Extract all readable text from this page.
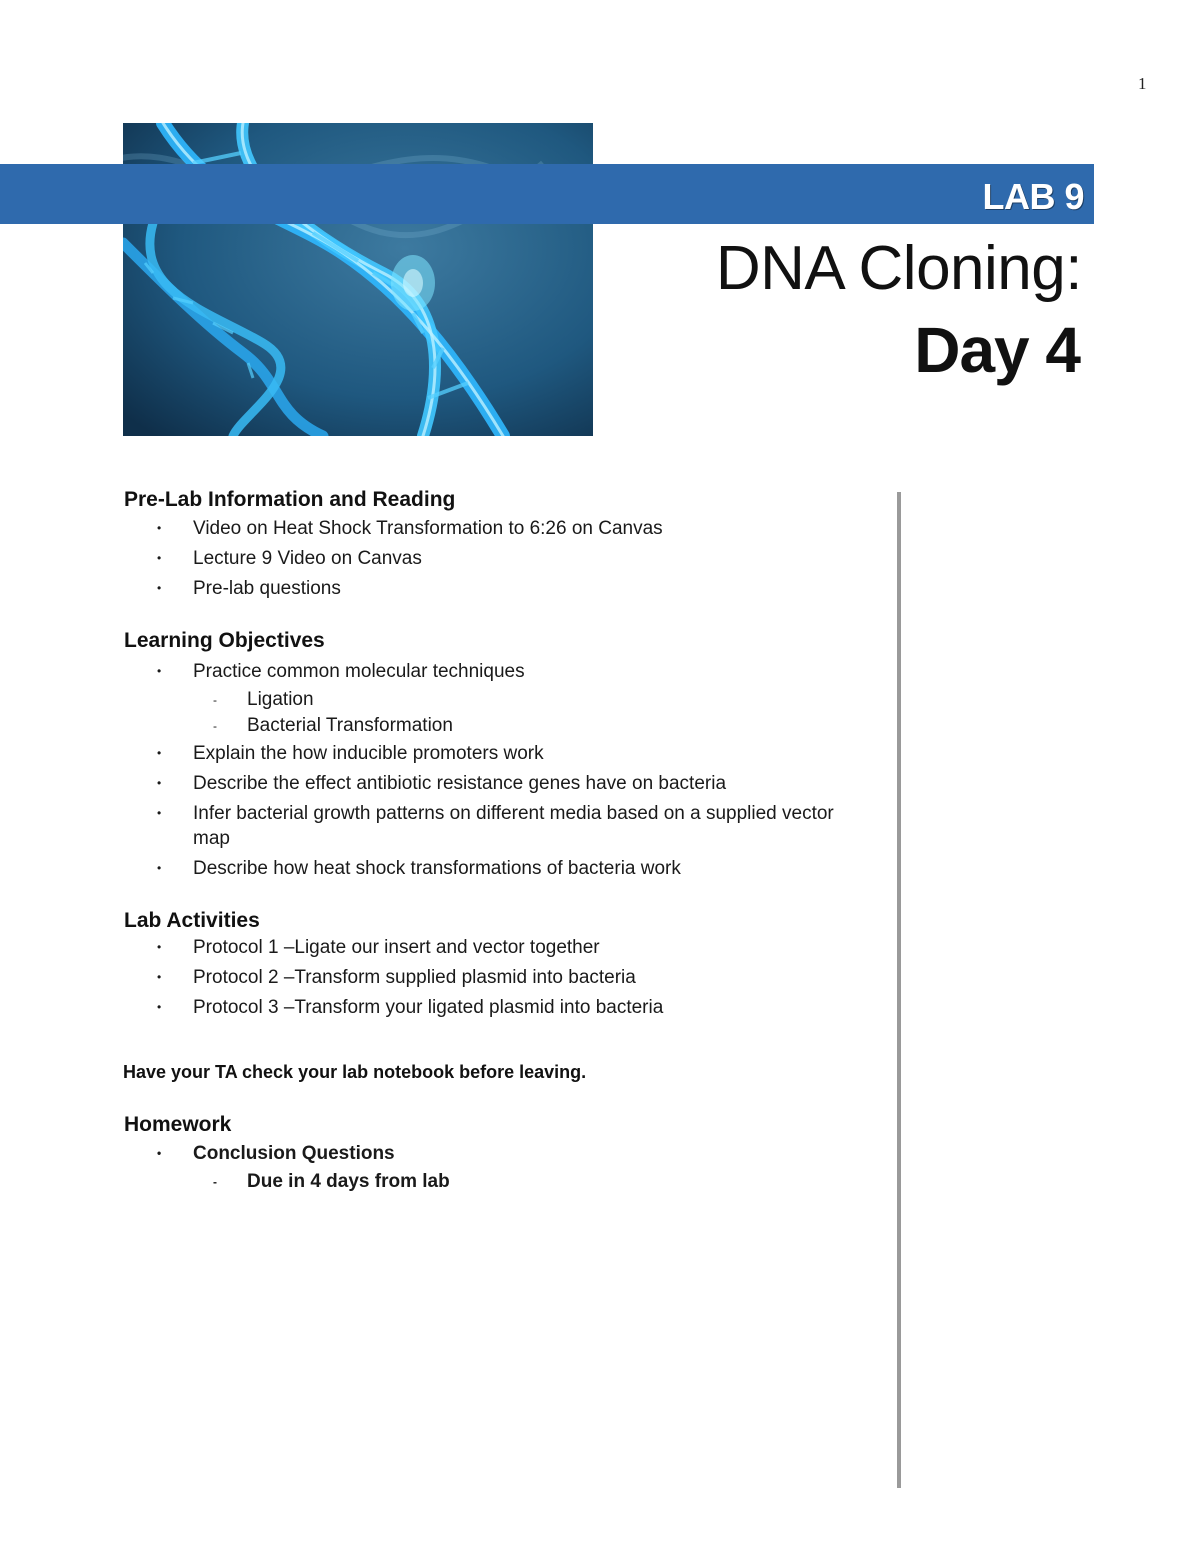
1
LAB 9
DNA Cloning:
Day 4
Pre-Lab Information and Reading
• Video on Heat Shock Transformation to 6:26 on Canvas
• Lecture 9 Video on Canvas
• Pre-lab questions
Learning Objectives
• Practice common molecular techniques
- Ligation
- Bacterial Transformation
• Explain the how inducible promoters work
• Describe the effect antibiotic resistance genes have on bacteria
• Infer bacterial growth patterns on different media based on a supplied vector map
• Describe how heat shock transformations of bacteria work
Lab Activities
• Protocol 1 –Ligate our insert and vector together
• Protocol 2 –Transform supplied plasmid into bacteria
• Protocol 3 –Transform your ligated plasmid into bacteria
Have your TA check your lab notebook before leaving.
Homework
• Conclusion Questions
- Due in 4 days from lab
